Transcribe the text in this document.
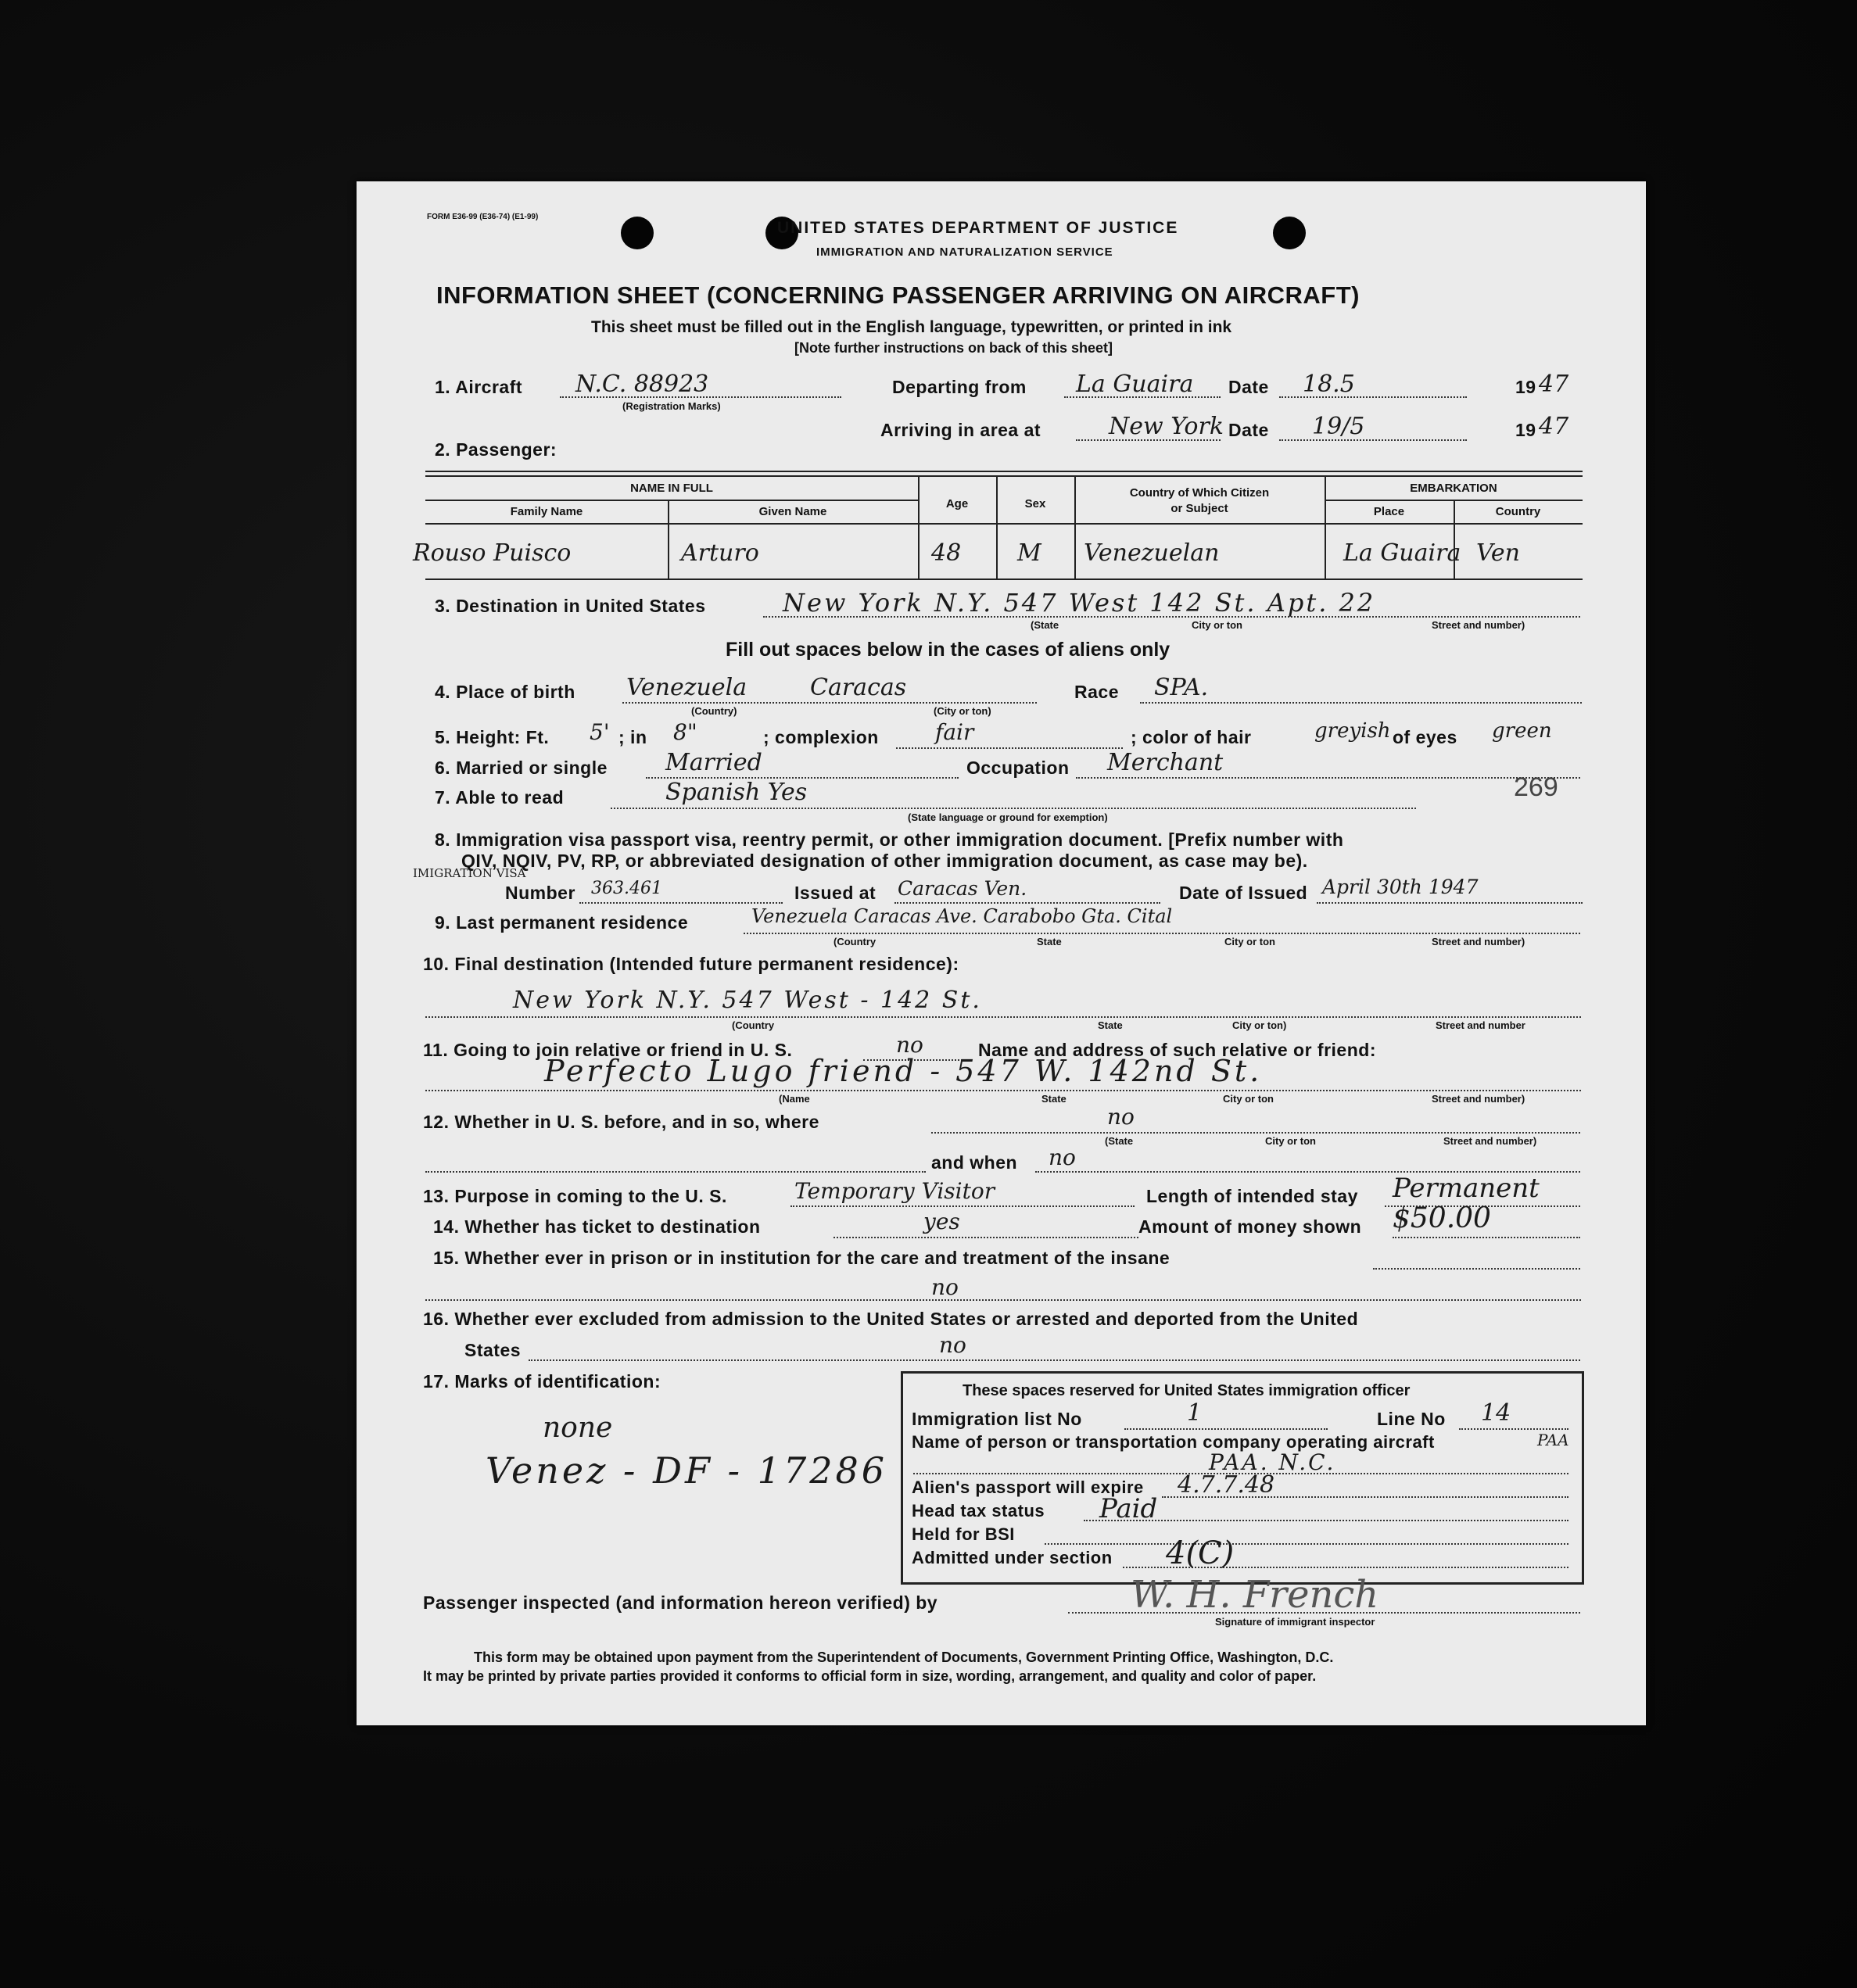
FORM E36-99 (E36-74) (E1-99)
UNITED STATES DEPARTMENT OF JUSTICE
IMMIGRATION AND NATURALIZATION SERVICE
INFORMATION SHEET (CONCERNING PASSENGER ARRIVING ON AIRCRAFT)
This sheet must be filled out in the English language, typewritten, or printed in ink
[Note further instructions on back of this sheet]
1. Aircraft N.C. 88923
(Registration Marks)
Departing from La Guaira Date 18.5	19 47
Arriving in area at	New York Date 19/5	19 47
2. Passenger:
NAME IN FULL
Family Name	Given Name
Age	Sex
Country of Which Citizen
or Subject
EMBARKATION
Place	Country
Rouso Puisco	Arturo	48 M Venezuelan	La Guaira Ven
3. Destination in United States	New York N.Y. 547 West 142 St. Apt. 22
(State	City or ton	Street and number)
Fill out spaces below in the cases of aliens only
4. Place of birth Venezuela	Caracas
(Country)	(City or ton)
Race SPA.
5. Height: Ft. 5' ; in 8"	; complexion	fair	; color of hair	greyish of eyes green
6. Married or single Married	Occupation Merchant
7. Able to read	Spanish Yes
(State language or ground for exemption)
269
8. Immigration visa passport visa, reentry permit, or other immigration document. [Prefix number with
QIV, NQIV, PV, RP, or abbreviated designation of other immigration document, as case may be).
IMIGRATION VISA
Number 363.461	Issued at Caracas Ven.	Date of Issued April 30th 1947
9. Last permanent residence	Venezuela Caracas Ave. Carabobo Gta. Cital
(Country	State	City or ton	Street and number)
10. Final destination (Intended future permanent residence):
New York N.Y. 547 West - 142 St.
(Country	State	City or ton)	Street and number
11. Going to join relative or friend in U. S.	no	Name and address of such relative or friend:
Perfecto Lugo friend - 547 W. 142nd St.
(Name	State	City or ton	Street and number)
12. Whether in U. S. before, and in so, where	no
(State	City or ton	Street and number)
and when no
13. Purpose in coming to the U. S.	Temporary Visitor	Length of intended stay Permanent
14. Whether has ticket to destination	yes	Amount of money shown $50.00
15. Whether ever in prison or in institution for the care and treatment of the insane
no
16. Whether ever excluded from admission to the United States or arrested and deported from the United
States	no
17. Marks of identification:
none
Venez - DF - 17286
These spaces reserved for United States immigration officer
Immigration list No	1	Line No 14
Name of person or transportation company operating aircraft	PAA
PAA. N.C.
Alien's passport will expire 4.7.7.48
Head tax status Paid
Held for BSI
Admitted under section 4(C)
Passenger inspected (and information hereon verified) by	W. H. French
Signature of immigrant inspector
This form may be obtained upon payment from the Superintendent of Documents, Government Printing Office, Washington, D.C.
It may be printed by private parties provided it conforms to official form in size, wording, arrangement, and quality and color of paper.
